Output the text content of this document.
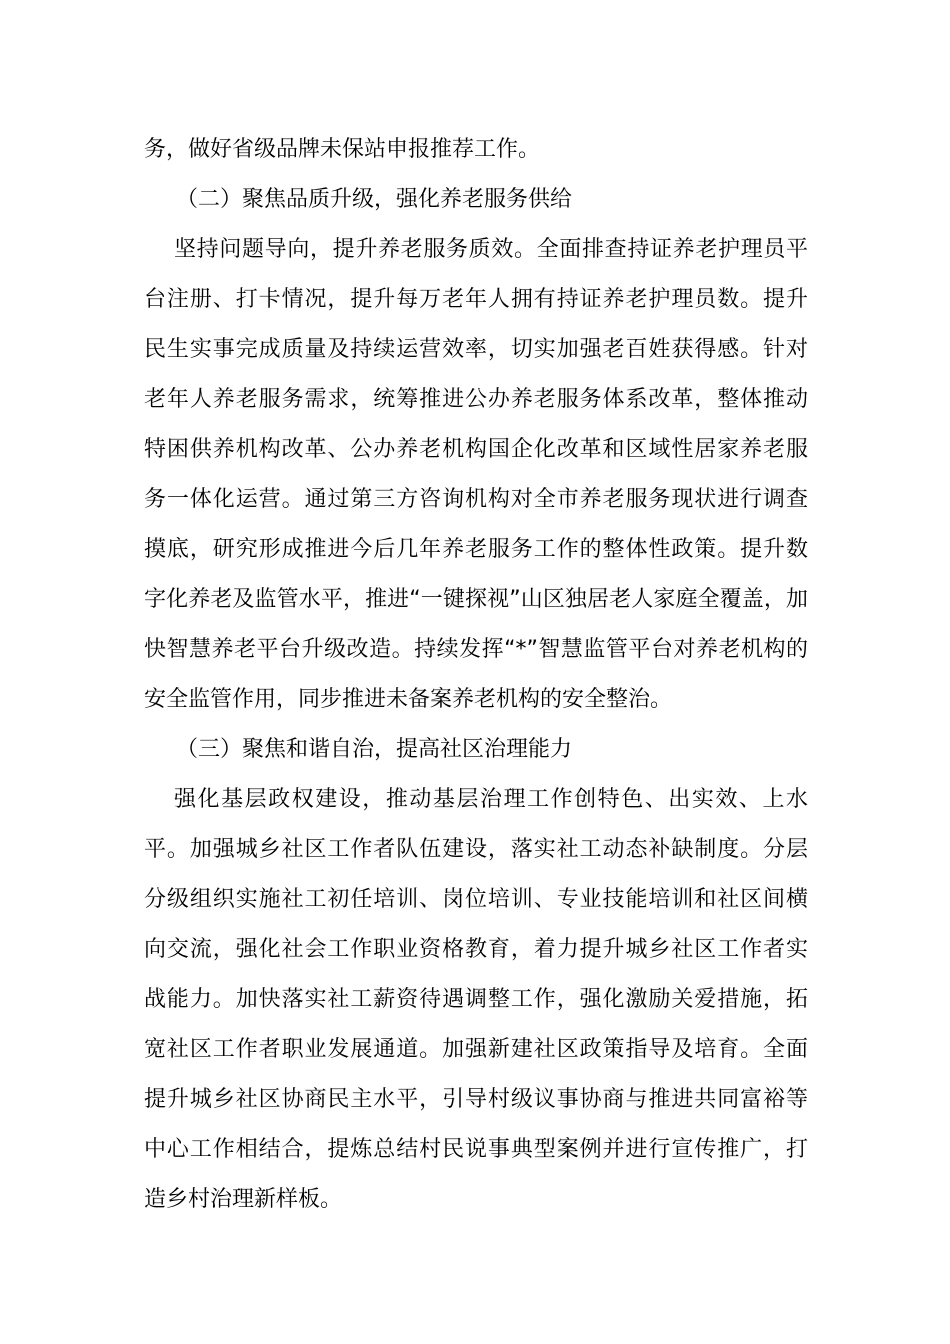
务，做好省级品牌未保站申报推荐工作。
（二）聚焦品质升级，强化养老服务供给
坚持问题导向，提升养老服务质效。全面排查持证养老护理员平
台注册、打卡情况，提升每万老年人拥有持证养老护理员数。提升
民生实事完成质量及持续运营效率，切实加强老百姓获得感。针对
老年人养老服务需求，统筹推进公办养老服务体系改革，整体推动
特困供养机构改革、公办养老机构国企化改革和区域性居家养老服
务一体化运营。通过第三方咨询机构对全市养老服务现状进行调查
摸底，研究形成推进今后几年养老服务工作的整体性政策。提升数
字化养老及监管水平，推进“一键探视”山区独居老人家庭全覆盖，加
快智慧养老平台升级改造。持续发挥“*”智慧监管平台对养老机构的
安全监管作用，同步推进未备案养老机构的安全整治。
（三）聚焦和谐自治，提高社区治理能力
强化基层政权建设，推动基层治理工作创特色、出实效、上水
平。加强城乡社区工作者队伍建设，落实社工动态补缺制度。分层
分级组织实施社工初任培训、岗位培训、专业技能培训和社区间横
向交流，强化社会工作职业资格教育，着力提升城乡社区工作者实
战能力。加快落实社工薪资待遇调整工作，强化激励关爱措施，拓
宽社区工作者职业发展通道。加强新建社区政策指导及培育。全面
提升城乡社区协商民主水平，引导村级议事协商与推进共同富裕等
中心工作相结合，提炼总结村民说事典型案例并进行宣传推广，打
造乡村治理新样板。
